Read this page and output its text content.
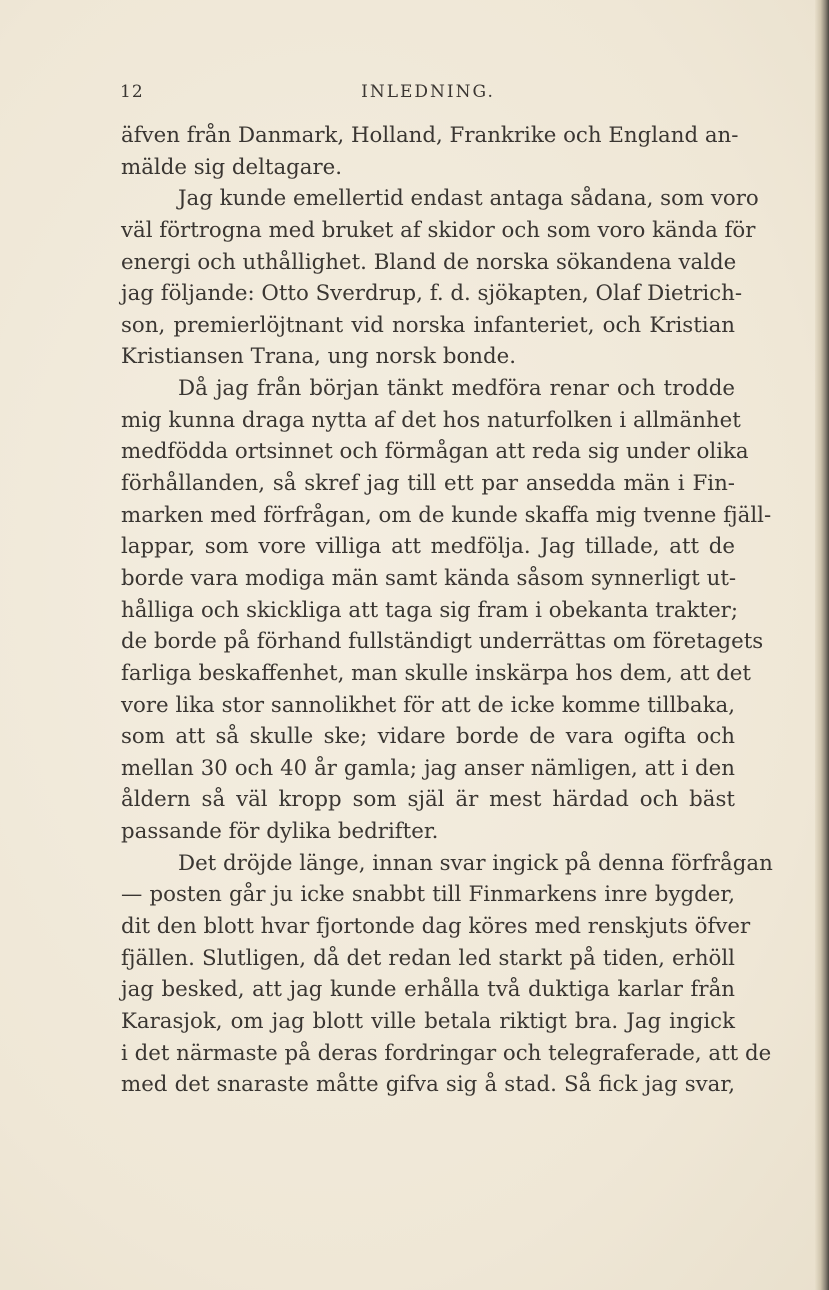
12	INLEDNING.
äfven från Danmark, Holland, Frankrike och England an-
mälde sig deltagare.
Jag kunde emellertid endast antaga sådana, som voro
väl förtrogna med bruket af skidor och som voro kända för
energi och uthållighet. Bland de norska sökandena valde
jag följande: Otto Sverdrup, f. d. sjökapten, Olaf Dietrich-
son, premierlöjtnant vid norska infanteriet, och Kristian
Kristiansen Trana, ung norsk bonde.
Då jag från början tänkt medföra renar och trodde
mig kunna draga nytta af det hos naturfolken i allmänhet
medfödda ortsinnet och förmågan att reda sig under olika
förhållanden, så skref jag till ett par ansedda män i Fin-
marken med förfrågan, om de kunde skaffa mig tvenne fjäll-
lappar, som vore villiga att medfölja. Jag tillade, att de
borde vara modiga män samt kända såsom synnerligt ut-
hålliga och skickliga att taga sig fram i obekanta trakter;
de borde på förhand fullständigt underrättas om företagets
farliga beskaffenhet, man skulle inskärpa hos dem, att det
vore lika stor sannolikhet för att de icke komme tillbaka,
som att så skulle ske; vidare borde de vara ogifta och
mellan 30 och 40 år gamla; jag anser nämligen, att i den
åldern så väl kropp som själ är mest härdad och bäst
passande för dylika bedrifter.
Det dröjde länge, innan svar ingick på denna förfrågan
— posten går ju icke snabbt till Finmarkens inre bygder,
dit den blott hvar fjortonde dag köres med renskjuts öfver
fjällen. Slutligen, då det redan led starkt på tiden, erhöll
jag besked, att jag kunde erhålla två duktiga karlar från
Karasjok, om jag blott ville betala riktigt bra. Jag ingick
i det närmaste på deras fordringar och telegraferade, att de
med det snaraste måtte gifva sig å stad. Så fick jag svar,
